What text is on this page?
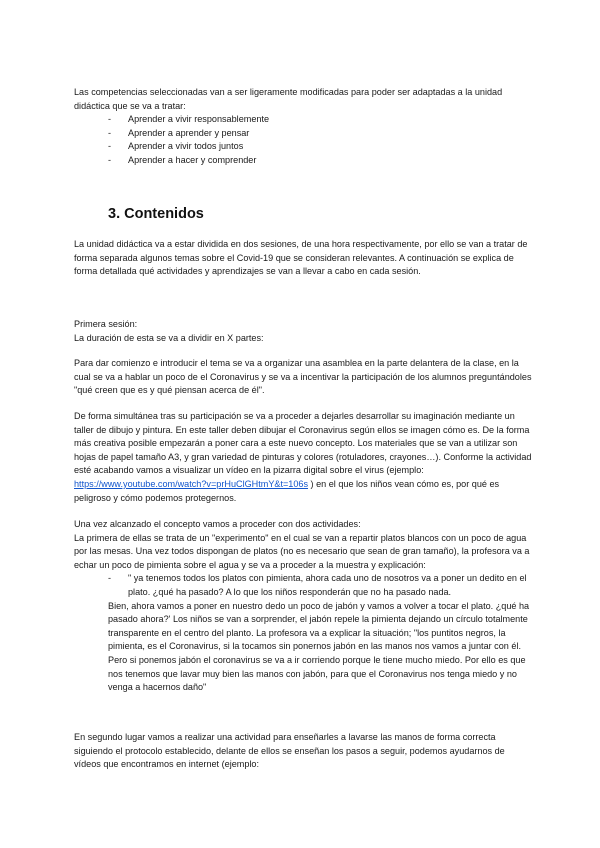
Las competencias seleccionadas van a ser ligeramente modificadas para poder ser adaptadas a la unidad didáctica que se va a tratar:

- Aprender a vivir responsablemente
- Aprender a aprender y pensar
- Aprender a vivir todos juntos
- Aprender a hacer y comprender
3. Contenidos

La unidad didáctica va a estar dividida en dos sesiones, de una hora respectivamente, por ello se van a tratar de forma separada algunos temas sobre el Covid-19 que se consideran relevantes. A continuación se explica de forma detallada qué actividades y aprendizajes se van a llevar a cabo en cada sesión.

Primera sesión:

La duración de esta se va a dividir en X partes:

Para dar comienzo e introducir el tema se va a organizar una asamblea en la parte delantera de la clase, en la cual se va a hablar un poco de el Coronavirus y se va a incentivar la participación de los alumnos preguntándoles "qué creen que es y qué piensan acerca de él".

De forma simultánea tras su participación se va a proceder a dejarles desarrollar su imaginación mediante un taller de dibujo y pintura. En este taller deben dibujar el Coronavirus según ellos se imagen cómo es. De la forma más creativa posible empezarán a poner cara a este nuevo concepto. Los materiales que se van a utilizar son hojas de papel tamaño A3, y gran variedad de pinturas y colores (rotuladores, crayones…). Conforme la actividad esté acabando vamos a visualizar un vídeo en la pizarra digital sobre el virus (ejemplo: https://www.youtube.com/watch?v=prHuClGHtmY&t=106s ) en el que los niños vean cómo es, por qué es peligroso y cómo podemos protegernos.

Una vez alcanzado el concepto vamos a proceder con dos actividades:

La primera de ellas se trata de un "experimento" en el cual se van a repartir platos blancos con un poco de agua por las mesas. Una vez todos dispongan de platos (no es necesario que sean de gran tamaño), la profesora va a echar un poco de pimienta sobre el agua y se va a proceder a la muestra y explicación:

- " ya tenemos todos los platos con pimienta, ahora cada uno de nosotros va a poner un dedito en el plato. ¿qué ha pasado? A lo que los niños responderán que no ha pasado nada.

Bien, ahora vamos a poner en nuestro dedo un poco de jabón y vamos a volver a tocar el plato. ¿qué ha pasado ahora?' Los niños se van a sorprender, el jabón repele la pimienta dejando un círculo totalmente transparente en el centro del planto. La profesora va a explicar la situación; "los puntitos negros, la pimienta, es el Coronavirus, si la tocamos sin ponernos jabón en las manos nos vamos a juntar con él. Pero si ponemos jabón el coronavirus se va a ir corriendo porque le tiene mucho miedo. Por ello es que nos tenemos que lavar muy bien las manos con jabón, para que el Coronavirus nos tenga miedo y no venga a hacernos daño"

En segundo lugar vamos a realizar una actividad para enseñarles a lavarse las manos de forma correcta siguiendo el protocolo establecido, delante de ellos se enseñan los pasos a seguir, podemos ayudarnos de vídeos que encontramos en internet (ejemplo:
